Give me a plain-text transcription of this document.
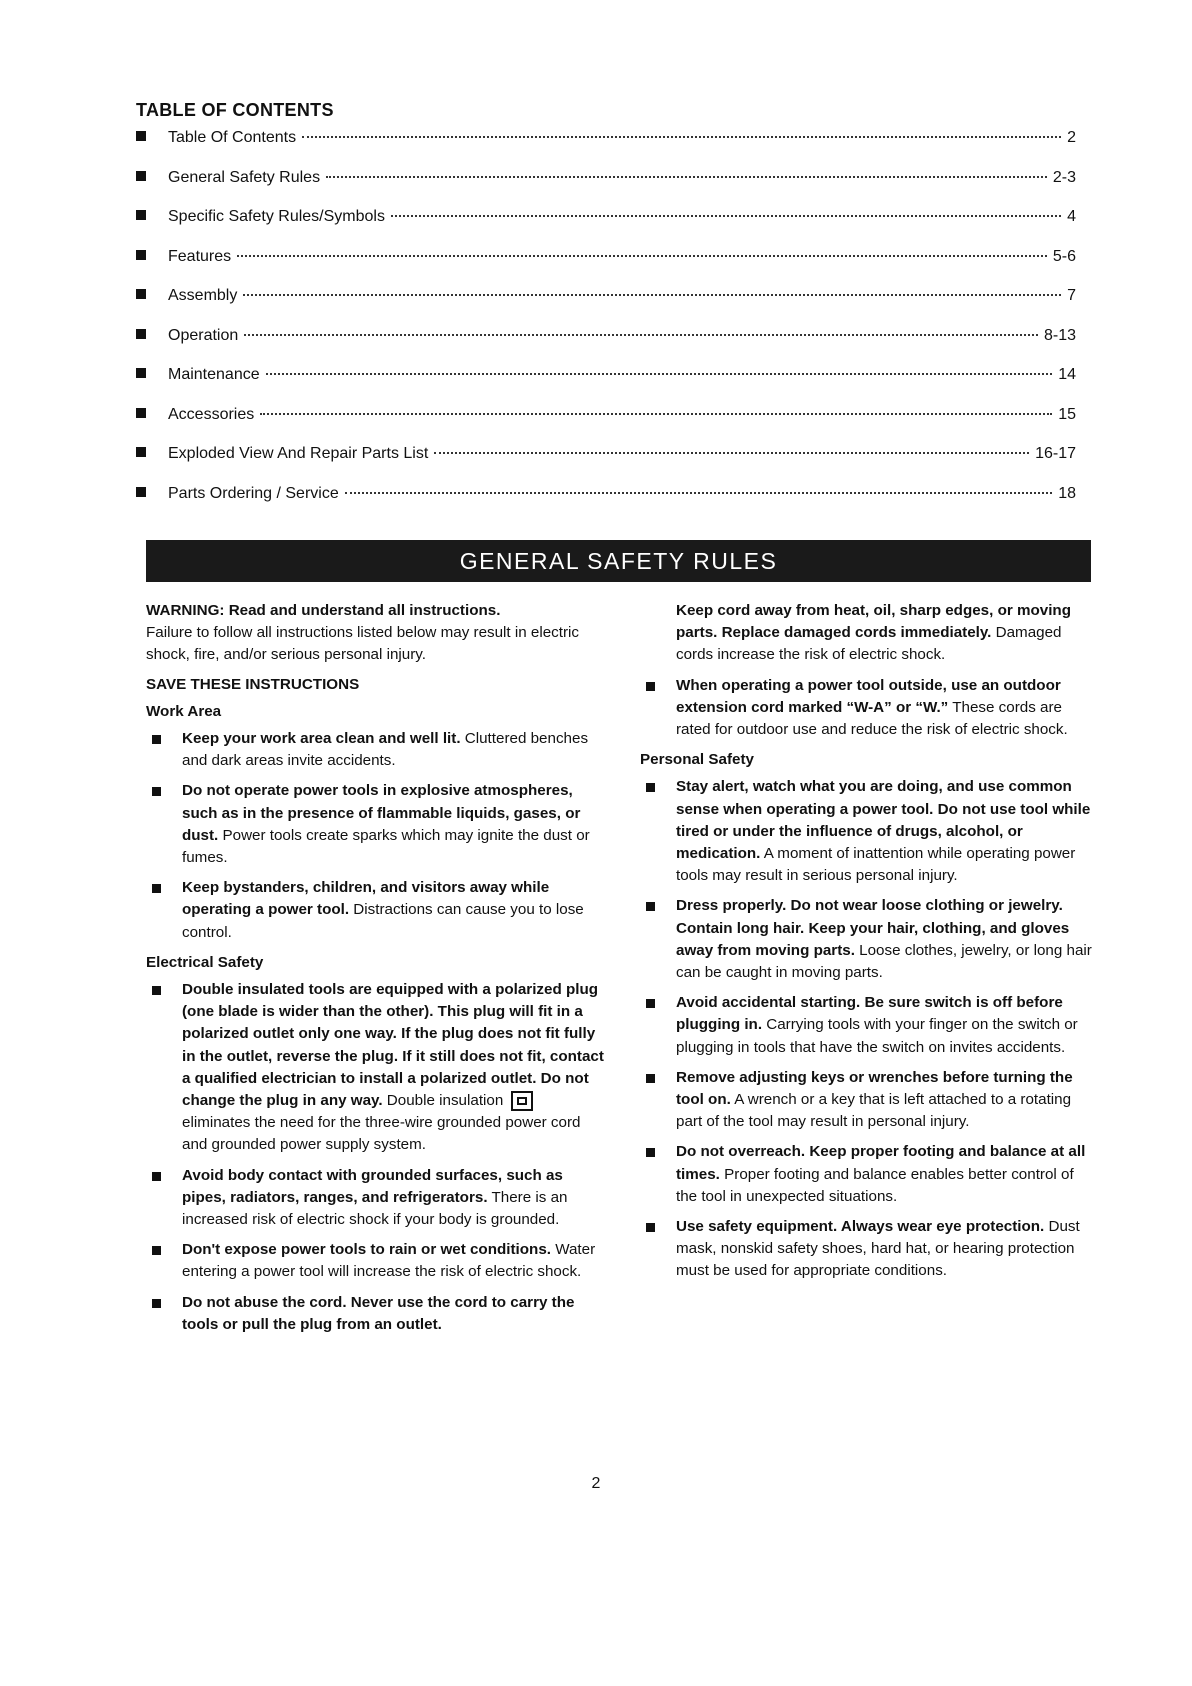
TABLE OF CONTENTS
Table Of Contents	2
General Safety Rules	2-3
Specific Safety Rules/Symbols	4
Features	5-6
Assembly	7
Operation	8-13
Maintenance	14
Accessories	15
Exploded View And Repair Parts List	16-17
Parts Ordering / Service	18
GENERAL SAFETY RULES
WARNING: Read and understand all instructions.
Failure to follow all instructions listed below may result in electric shock, fire, and/or serious personal injury.
SAVE THESE INSTRUCTIONS
Work Area
Keep your work area clean and well lit. Cluttered benches and dark areas invite accidents.
Do not operate power tools in explosive atmospheres, such as in the presence of flammable liquids, gases, or dust. Power tools create sparks which may ignite the dust or fumes.
Keep bystanders, children, and visitors away while operating a power tool. Distractions can cause you to lose control.
Electrical Safety
Double insulated tools are equipped with a polarized plug (one blade is wider than the other). This plug will fit in a polarized outlet only one way. If the plug does not fit fully in the outlet, reverse the plug. If it still does not fit, contact a qualified electrician to install a polarized outlet. Do not change the plug in any way. Double insulation  eliminates the need for the three-wire grounded power cord and grounded power supply system.
Avoid body contact with grounded surfaces, such as pipes, radiators, ranges, and refrigerators. There is an increased risk of electric shock if your body is grounded.
Don't expose power tools to rain or wet conditions. Water entering a power tool will increase the risk of electric shock.
Do not abuse the cord. Never use the cord to carry the tools or pull the plug from an outlet.
Keep cord away from heat, oil, sharp edges, or moving parts. Replace damaged cords immediately. Damaged cords increase the risk of electric shock.
When operating a power tool outside, use an outdoor extension cord marked “W-A” or “W.” These cords are rated for outdoor use and reduce the risk of electric shock.
Personal Safety
Stay alert, watch what you are doing, and use common sense when operating a power tool. Do not use tool while tired or under the influence of drugs, alcohol, or medication. A moment of inattention while operating power tools may result in serious personal injury.
Dress properly. Do not wear loose clothing or jewelry. Contain long hair. Keep your hair, clothing, and gloves away from moving parts. Loose clothes, jewelry, or long hair can be caught in moving parts.
Avoid accidental starting. Be sure switch is off before plugging in. Carrying tools with your finger on the switch or plugging in tools that have the switch on invites accidents.
Remove adjusting keys or wrenches before turning the tool on. A wrench or a key that is left attached to a rotating part of the tool may result in personal injury.
Do not overreach. Keep proper footing and balance at all times. Proper footing and balance enables better control of the tool in unexpected situations.
Use safety equipment. Always wear eye protection. Dust mask, nonskid safety shoes, hard hat, or hearing protection must be used for appropriate conditions.
2
